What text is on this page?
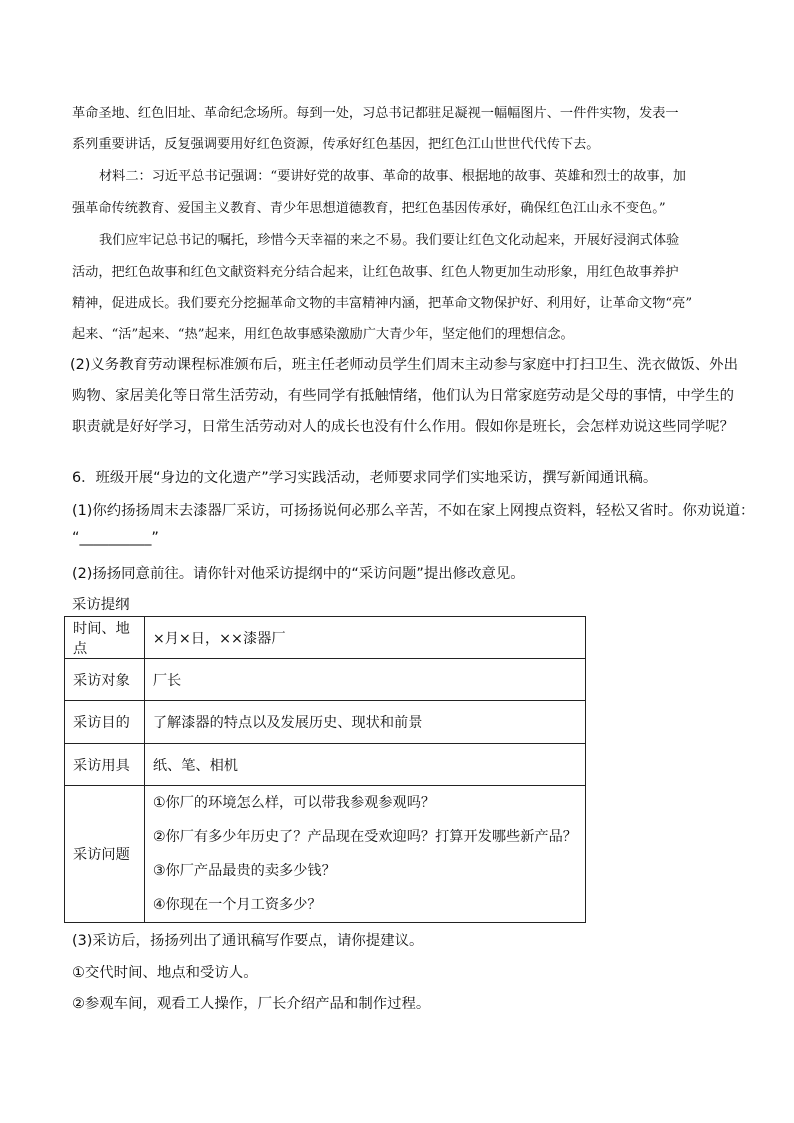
革命圣地、红色旧址、革命纪念场所。每到一处，习总书记都驻足凝视一幅幅图片、一件件实物，发表一
系列重要讲话，反复强调要用好红色资源，传承好红色基因，把红色江山世世代代传下去。
材料二：习近平总书记强调：“要讲好党的故事、革命的故事、根据地的故事、英雄和烈士的故事，加
强革命传统教育、爱国主义教育、青少年思想道德教育，把红色基因传承好，确保红色江山永不变色。”
我们应牢记总书记的嘱托，珍惜今天幸福的来之不易。我们要让红色文化动起来，开展好浸润式体验
活动，把红色故事和红色文献资料充分结合起来，让红色故事、红色人物更加生动形象，用红色故事养护
精神，促进成长。我们要充分挖掘革命文物的丰富精神内涵，把革命文物保护好、利用好，让革命文物“亮”
起来、“活”起来、“热”起来，用红色故事感染激励广大青少年，坚定他们的理想信念。
(2)义务教育劳动课程标准颁布后，班主任老师动员学生们周末主动参与家庭中打扫卫生、洗衣做饭、外出
购物、家居美化等日常生活劳动，有些同学有抵触情绪，他们认为日常家庭劳动是父母的事情，中学生的
职责就是好好学习，日常生活劳动对人的成长也没有什么作用。假如你是班长，会怎样劝说这些同学呢？
6．班级开展“身边的文化遗产”学习实践活动，老师要求同学们实地采访，撰写新闻通讯稿。
(1)你约扬扬周末去漆器厂采访，可扬扬说何必那么辛苦，不如在家上网搜点资料，轻松又省时。你劝说道：
“__________”
(2)扬扬同意前往。请你针对他采访提纲中的“采访问题”提出修改意见。
采访提纲
时间、地点	×月×日，××漆器厂
采访对象	厂长
采访目的	了解漆器的特点以及发展历史、现状和前景
采访用具	纸、笔、相机
采访问题	①你厂的环境怎么样，可以带我参观参观吗？
②你厂有多少年历史了？产品现在受欢迎吗？打算开发哪些新产品？
③你厂产品最贵的卖多少钱？
④你现在一个月工资多少？
(3)采访后，扬扬列出了通讯稿写作要点，请你提建议。
①交代时间、地点和受访人。
②参观车间，观看工人操作，厂长介绍产品和制作过程。
